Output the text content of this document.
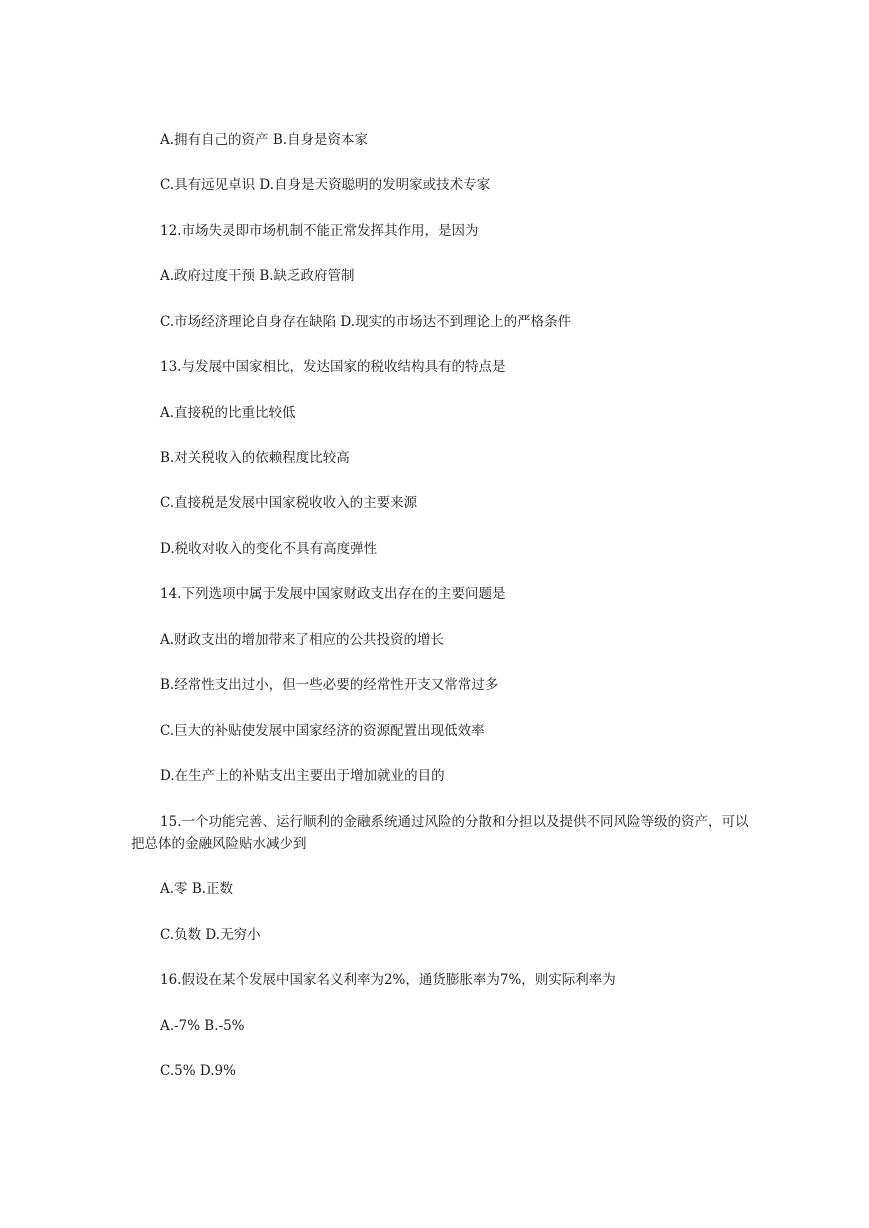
A.拥有自己的资产 B.自身是资本家
C.具有远见卓识 D.自身是天资聪明的发明家或技术专家
12.市场失灵即市场机制不能正常发挥其作用，是因为
A.政府过度干预 B.缺乏政府管制
C.市场经济理论自身存在缺陷 D.现实的市场达不到理论上的严格条件
13.与发展中国家相比，发达国家的税收结构具有的特点是
A.直接税的比重比较低
B.对关税收入的依赖程度比较高
C.直接税是发展中国家税收收入的主要来源
D.税收对收入的变化不具有高度弹性
14.下列选项中属于发展中国家财政支出存在的主要问题是
A.财政支出的增加带来了相应的公共投资的增长
B.经常性支出过小，但一些必要的经常性开支又常常过多
C.巨大的补贴使发展中国家经济的资源配置出现低效率
D.在生产上的补贴支出主要出于增加就业的目的
15.一个功能完善、运行顺利的金融系统通过风险的分散和分担以及提供不同风险等级的资产，可以把总体的金融风险贴水减少到
A.零 B.正数
C.负数 D.无穷小
16.假设在某个发展中国家名义利率为2%，通货膨胀率为7%，则实际利率为
A.-7% B.-5%
C.5% D.9%
